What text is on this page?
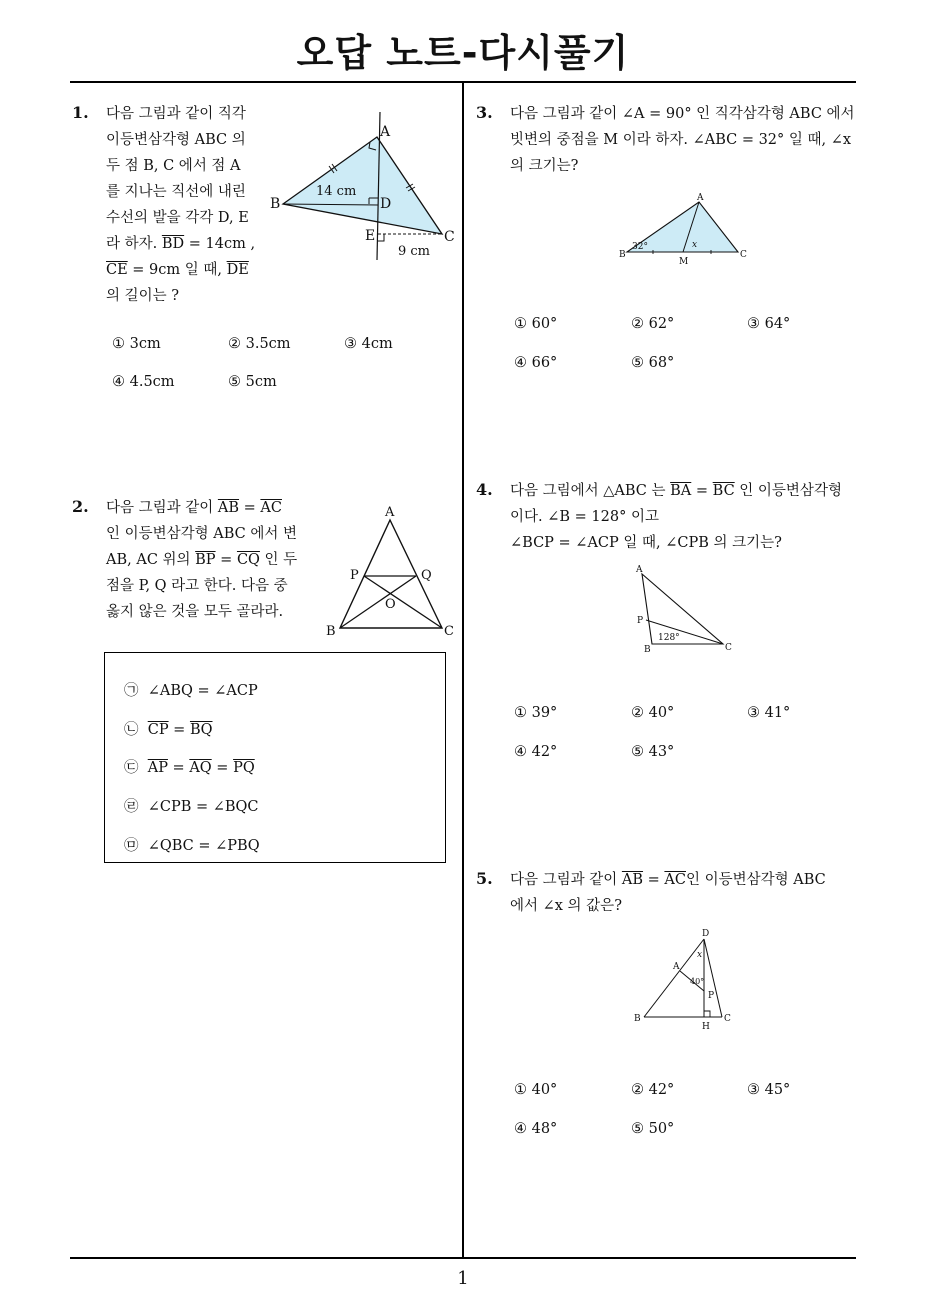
오답 노트-다시풀기
1
1. 다음 그림과 같이 직각
이등변삼각형 ABC 의
두 점 B, C 에서 점 A
를 지나는 직선에 내린
수선의 발을 각각 D, E
라 하자. $\overline{BD} = 14cm$ ,
$\overline{CE} = 9cm$ 일 때, $\overline{DE}$
의 길이는 ?
A
B
C
D
E
14 cm
9 cm
① 3cm	② 3.5cm	③ 4cm
④ 4.5cm	⑤ 5cm
2. 다음 그림과 같이 $\overline{AB} = \overline{AC}$
인 이등변삼각형 ABC 에서 변
AB, AC 위의 $\overline{BP} = \overline{CQ}$ 인 두
점을 P, Q 라고 한다. 다음 중
옳지 않은 것을 모두 골라라.
A
B	C
P	Q
O
㉠ ∠ABQ = ∠ACP
㉡ $\overline{CP} = \overline{BQ}$
㉢ $\overline{AP} = \overline{AQ} = \overline{PQ}$
㉣ ∠CPB = ∠BQC
㉤ ∠QBC = ∠PBQ
3. 다음 그림과 같이 ∠A = 90° 인 직각삼각형 ABC 에서
빗변의 중점을 M 이라 하자. ∠ABC = 32° 일 때, ∠x
의 크기는?
A
B	C
M
32°	x
① 60°	② 62°	③ 64°
④ 66°	⑤ 68°
4. 다음 그림에서 △ABC 는 $\overline{BA} = \overline{BC}$ 인 이등변삼각형
이다. ∠B = 128° 이고
∠BCP = ∠ACP 일 때, ∠CPB 의 크기는?
A
B	C
P
128°
① 39°	② 40°	③ 41°
④ 42°	⑤ 43°
5. 다음 그림과 같이 $\overline{AB} = \overline{AC}$인 이등변삼각형 ABC
에서 ∠x 의 값은?
D
A
B	C
H
P
40°
x
① 40°	② 42°	③ 45°
④ 48°	⑤ 50°
